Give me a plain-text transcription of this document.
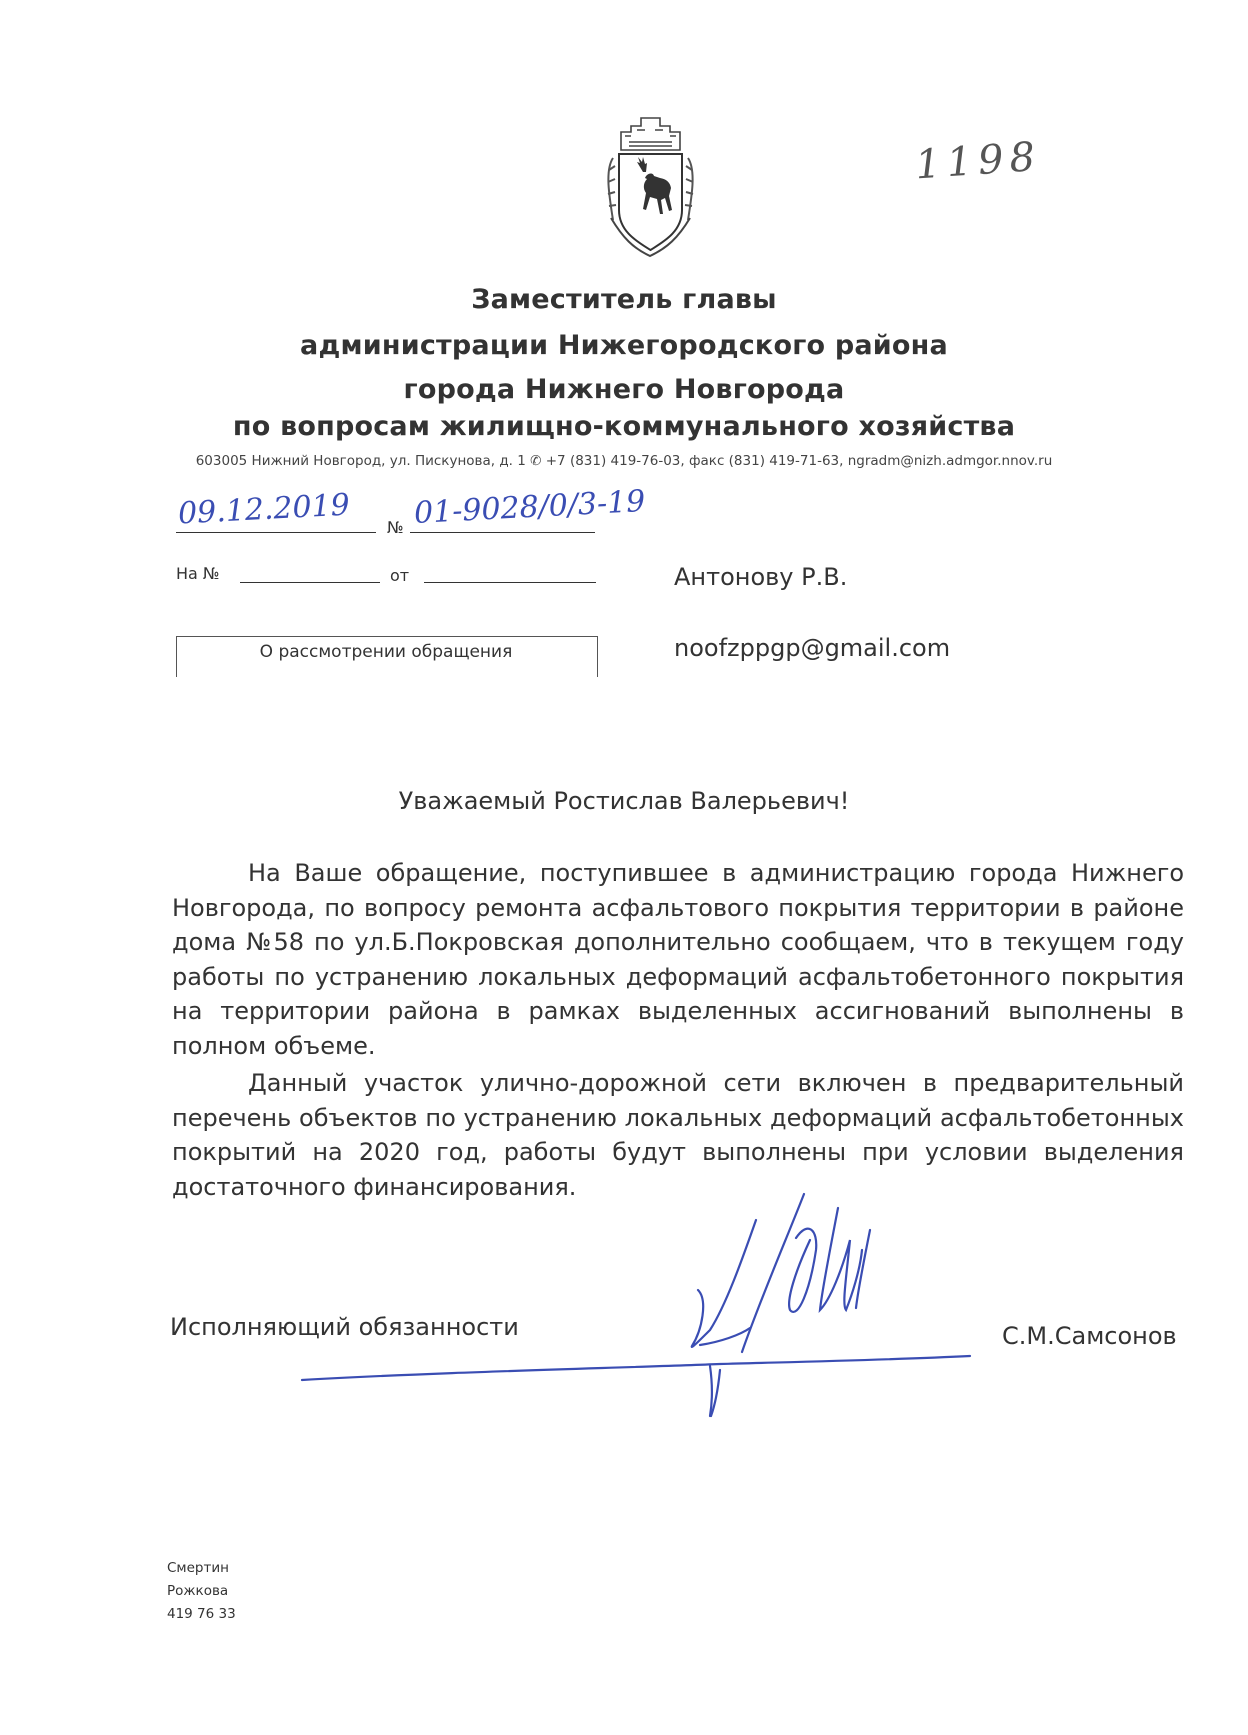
1198
Заместитель главы
администрации Нижегородского района
города Нижнего Новгорода
по вопросам жилищно-коммунального хозяйства
603005 Нижний Новгород, ул. Пискунова, д. 1 ✆ +7 (831) 419-76-03, факс (831) 419-71-63, ngradm@nizh.admgor.nnov.ru
09.12.2019 № 01-9028/0/3-19
На №	от
О рассмотрении обращения
Антонову Р.В.
noofzppgp@gmail.com
Уважаемый Ростислав Валерьевич!

На Ваше обращение, поступившее в администрацию города Нижнего Новгорода, по вопросу ремонта асфальтового покрытия территории в районе дома №58 по ул.Б.Покровская дополнительно сообщаем, что в текущем году работы по устранению локальных деформаций асфальтобетонного покрытия на территории района в рамках выделенных ассигнований выполнены в полном объеме.

Данный участок улично-дорожной сети включен в предварительный перечень объектов по устранению локальных деформаций асфальтобетонных покрытий на 2020 год, работы будут выполнены при условии выделения достаточного финансирования.

Исполняющий обязанности	С.М.Самсонов
Смертин
Рожкова
419 76 33
